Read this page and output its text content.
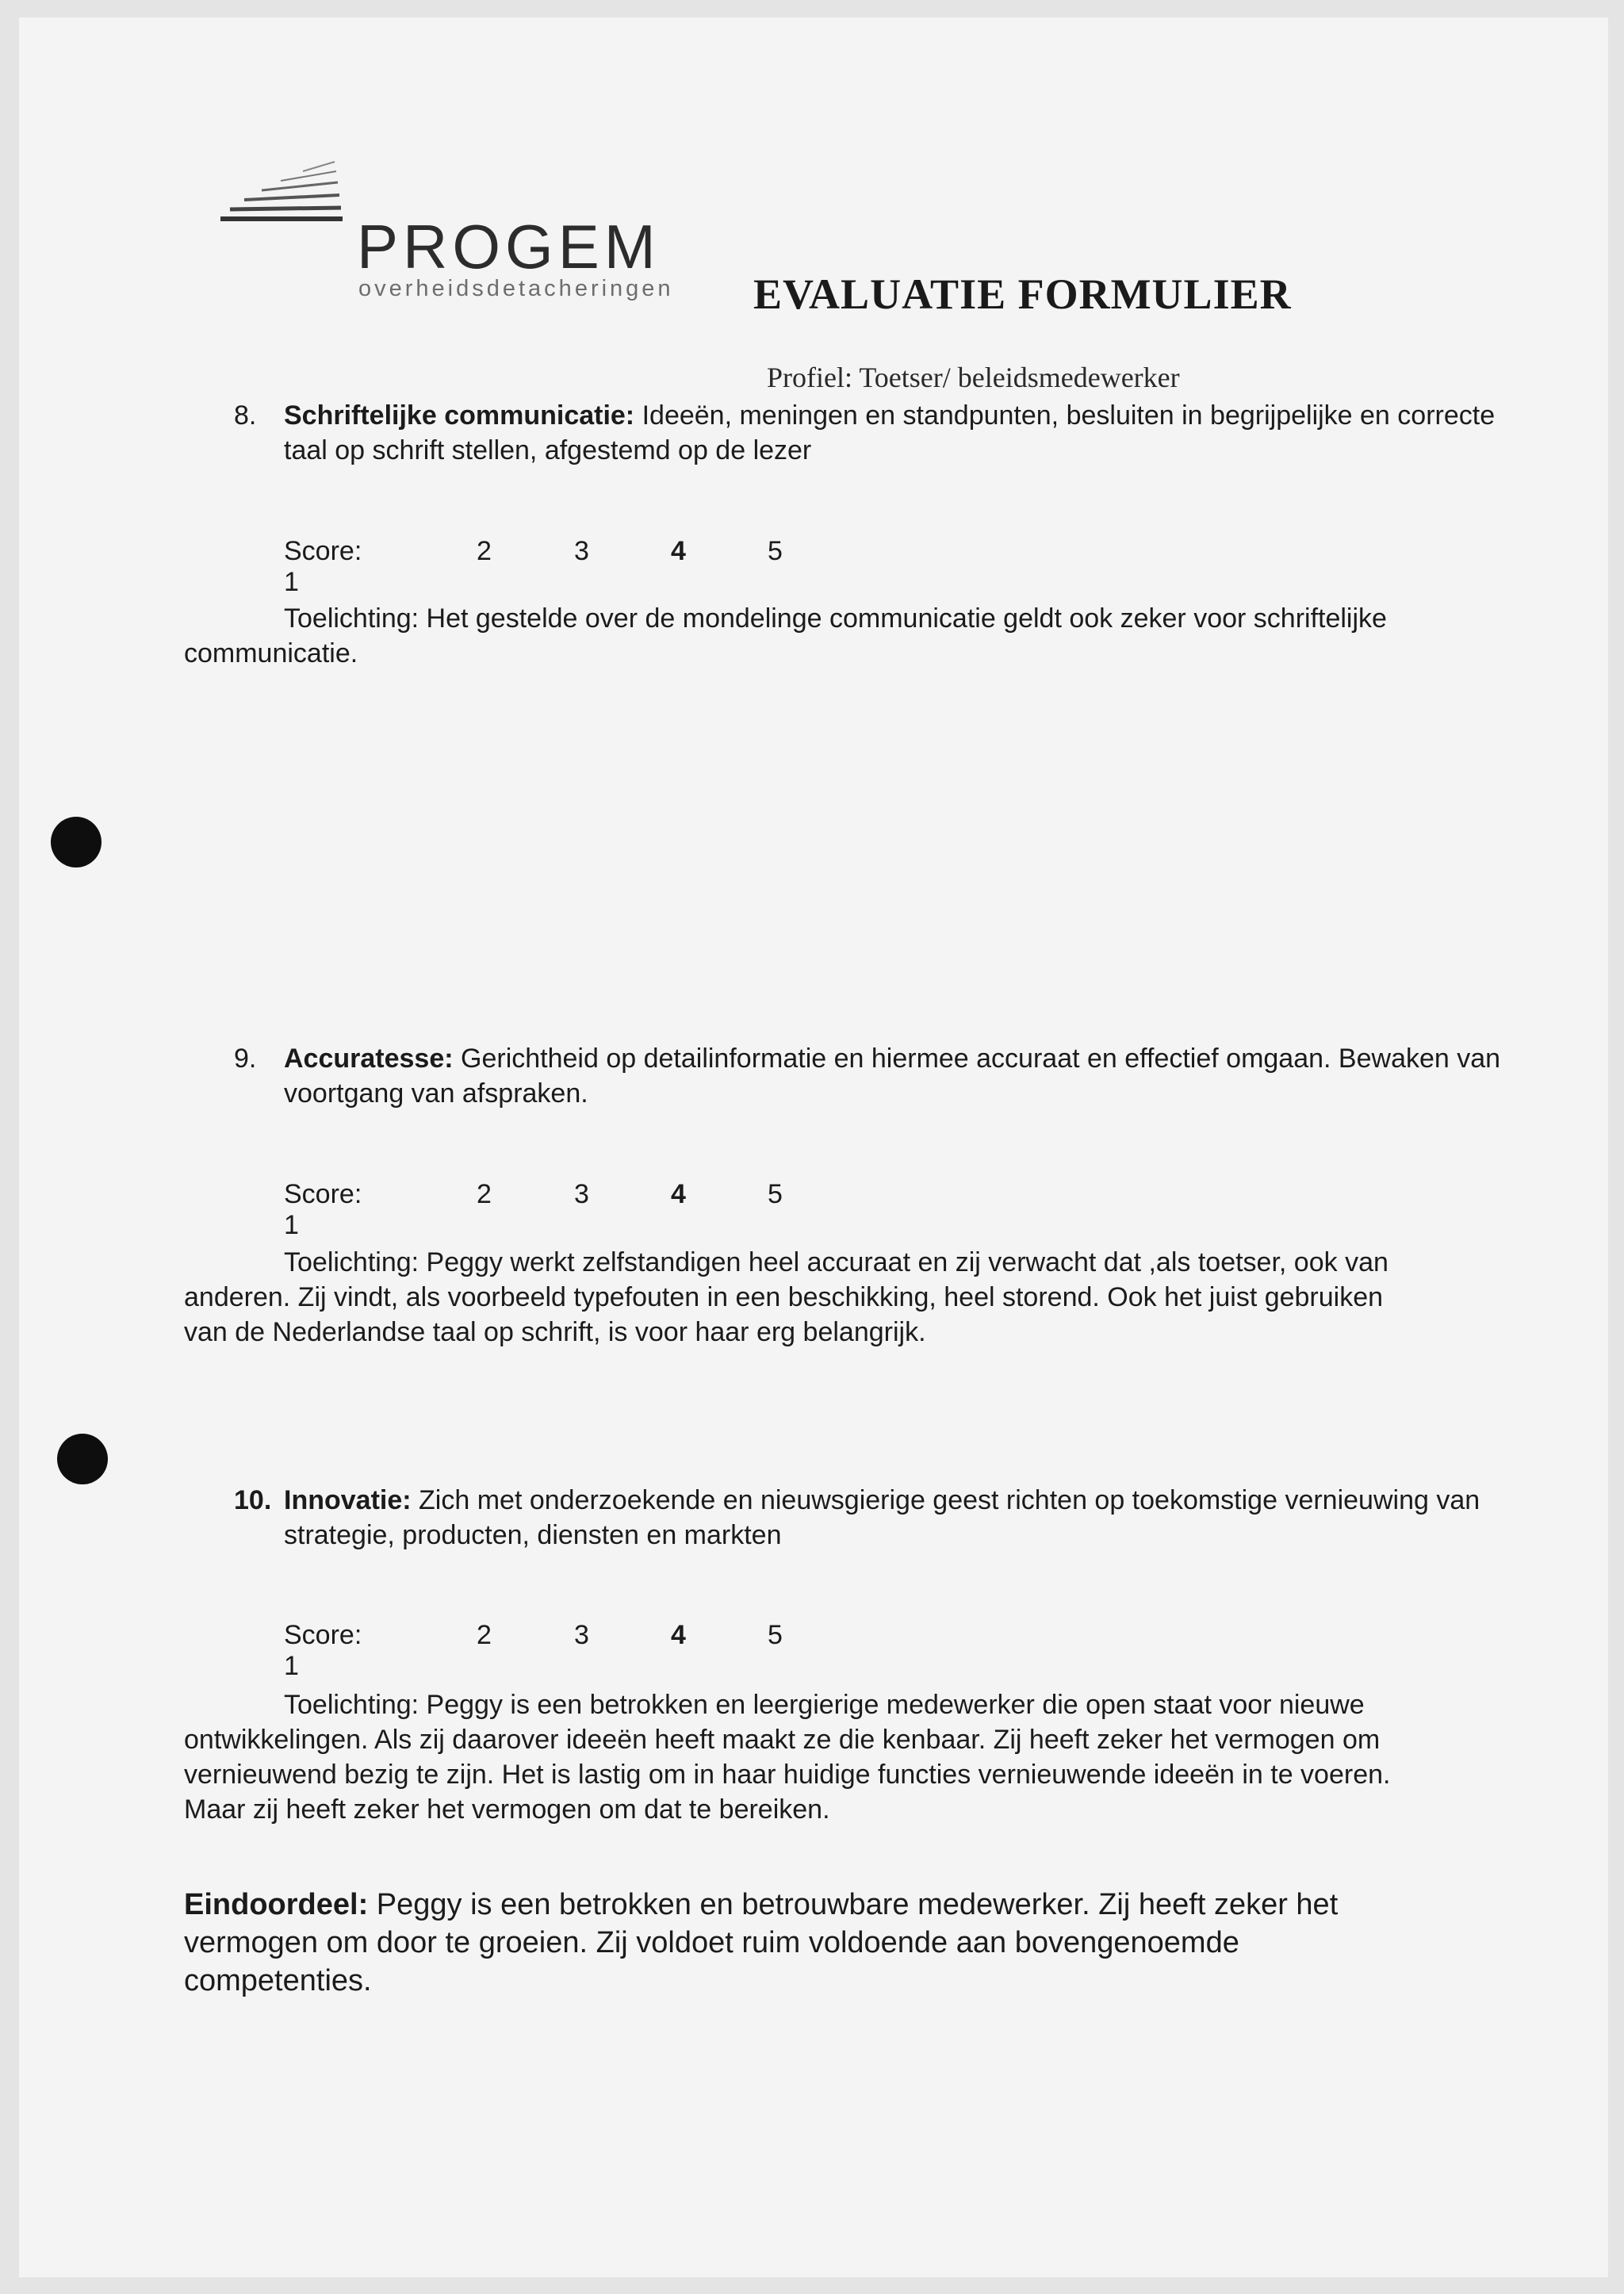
PROGEM
overheidsdetacheringen EVALUATIE FORMULIER
Profiel: Toetser/ beleidsmedewerker
8. Schriftelijke communicatie: Ideeën, meningen en standpunten, besluiten in begrijpelijke en correcte taal op schrift stellen, afgestemd op de lezer
Score: 1
2	3	4	5
Toelichting: Het gestelde over de mondelinge communicatie geldt ook zeker voor schriftelijke communicatie.
9. Accuratesse: Gerichtheid op detailinformatie en hiermee accuraat en effectief omgaan. Bewaken van voortgang van afspraken.
Score: 1
2	3	4	5
Toelichting: Peggy werkt zelfstandigen heel accuraat en zij verwacht dat ,als toetser, ook van anderen. Zij vindt, als voorbeeld typefouten in een beschikking, heel storend. Ook het juist gebruiken van de Nederlandse taal op schrift, is voor haar erg belangrijk.
10. Innovatie: Zich met onderzoekende en nieuwsgierige geest richten op toekomstige vernieuwing van strategie, producten, diensten en markten
Score: 1
2	3	4	5
Toelichting: Peggy is een betrokken en leergierige medewerker die open staat voor nieuwe ontwikkelingen. Als zij daarover ideeën heeft maakt ze die kenbaar. Zij heeft zeker het vermogen om vernieuwend bezig te zijn. Het is lastig om in haar huidige functies vernieuwende ideeën in te voeren. Maar zij heeft zeker het vermogen om dat te bereiken.
Eindoordeel: Peggy is een betrokken en betrouwbare medewerker. Zij heeft zeker het vermogen om door te groeien. Zij voldoet ruim voldoende aan bovengenoemde competenties.
